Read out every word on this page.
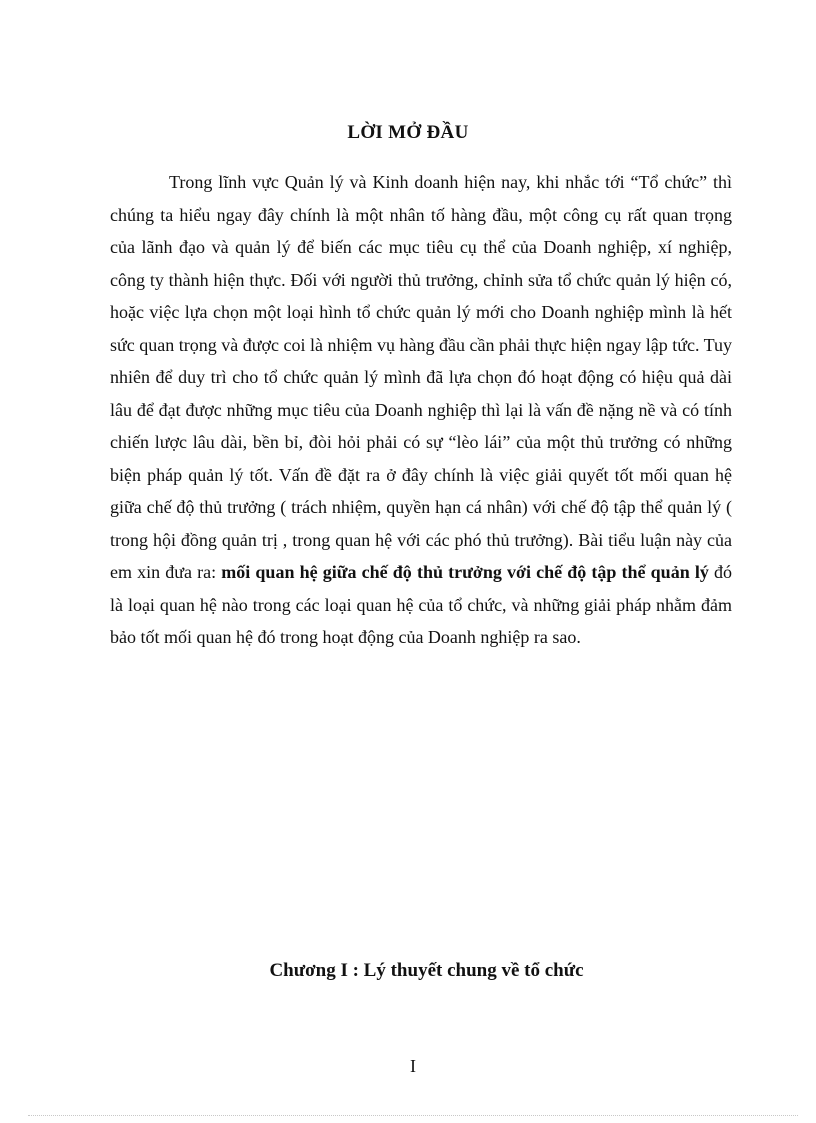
LỜI MỞ ĐẦU

Trong lĩnh vực Quản lý và Kinh doanh hiện nay, khi nhắc tới “Tổ chức” thì chúng ta hiểu ngay đây chính là một nhân tố hàng đầu, một công cụ rất quan trọng của lãnh đạo và quản lý để biến các mục tiêu cụ thể của Doanh nghiệp, xí nghiệp, công ty thành hiện thực. Đối với người thủ trưởng, chỉnh sửa tổ chức quản lý hiện có, hoặc việc lựa chọn một loại hình tổ chức quản lý mới cho Doanh nghiệp mình là hết sức quan trọng và được coi là nhiệm vụ hàng đầu cần phải thực hiện ngay lập tức. Tuy nhiên để duy trì cho tổ chức quản lý mình đã lựa chọn đó hoạt động có hiệu quả dài lâu để đạt được những mục tiêu của Doanh nghiệp thì lại là vấn đề nặng nề và có tính chiến lược lâu dài, bền bỉ, đòi hỏi phải có sự “lèo lái” của một thủ trưởng có những biện pháp quản lý tốt. Vấn đề đặt ra ở đây chính là việc giải quyết tốt mối quan hệ giữa chế độ thủ trưởng ( trách nhiệm, quyền hạn cá nhân) với chế độ tập thể quản lý ( trong hội đồng quản trị , trong quan hệ với các phó thủ trưởng). Bài tiểu luận này của em xin đưa ra: mối quan hệ giữa chế độ thủ trưởng với chế độ tập thể quản lý đó là loại quan hệ nào trong các loại quan hệ của tổ chức, và những giải pháp nhằm đảm bảo tốt mối quan hệ đó trong hoạt động của Doanh nghiệp ra sao.

Chương I : Lý thuyết chung về tổ chức
I
